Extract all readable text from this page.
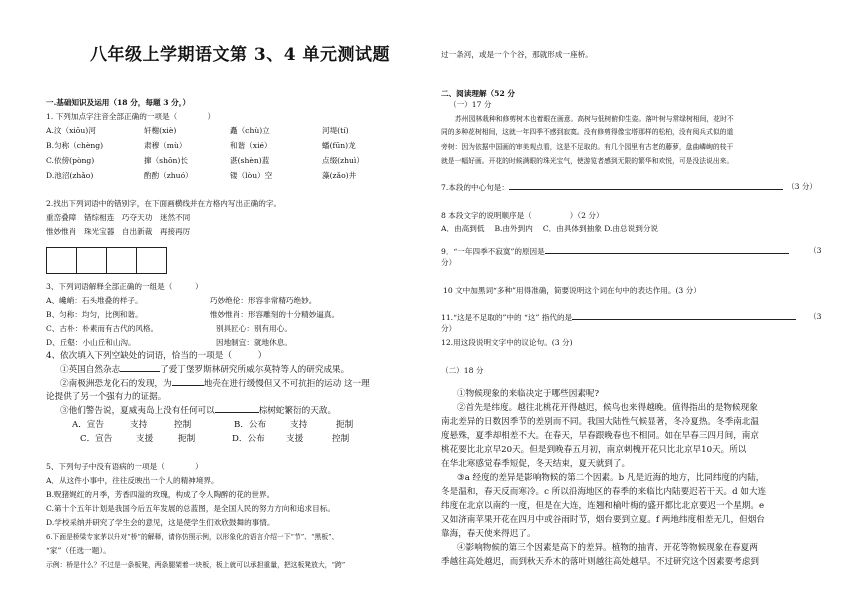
八年级上学期语文第 3、4 单元测试题
一.基础知识及运用（18 分，每题 3 分，）
1. 下列加点字注音全部正确的一项是（　　　　）
A.汶（xiōu)河	轩榭(xiè)	矗（chù)立	河堤(tí)
B.匀称（chèng)	肃穆（mù）	和谐（xié）	蟠(fūn)龙
C.依傍(pòng)	撺（shōn)长	湛(shèn)蓝	点缀(zhuì）
D.池沼(zhǎo)	酌酌（zhuó）	镂（lòu）空	藻(zǎo)井
2.找出下列词语中的错别字，在下面画横线并在方格内写出正确的字。
重峦叠障　错综相连　巧夺天功　迷然不同
惟妙惟肖　珠光宝器　自出新裁　再接再厉
3、下列词语解释全部正确的一组是（　　　）
A、巉峭：石头堆叠的样子。	巧妙绝伦：形容非常精巧绝妙。
B、匀称：均匀，比例和谐。	惟妙惟肖：形容雕刻的十分精妙逼真。
C、古朴：朴素而有古代的风格。	别具匠心：别有用心。
D、丘壑：小山丘和山沟。	因地制宜：就地休息。
4、依次填入下列空缺处的词语，恰当的一项是（　　　）
①英国自然杂志	了爱丁堡罗斯林研究所威尔莫特等人的研究成果。
②南极洲恐龙化石的发现，为	地壳在进行缓慢但又不可抗拒的运动 这一理
论提供了另一个强有力的证据。
③他们警告说，夏威夷岛上没有任何可以	棕树蛇繁衍的天敌。
A．宣告	支持	控制	B．公布	支持	扼制
C．宣告	支援	扼制	D．公布 支援	控制
5、下列句子中没有语病的一项是（　　　　）
A．从这件小事中，往往反映出一个人的精神境界。
B.贶猪娓红的月季，芳香四溢的玫瑰，构成了令人陶醉的花的世界。
C.第十个五年计划是我国今后五年发展的总蓝图，是全国人民的努力方向和追求目标。
D.学校采纳并研究了学生会的意见，这是使学生们欢欣鼓舞的事情。
6.下面是桥梁专家茅以升对“桥”的解释，请你仿照示例，以形象化的语言介绍一下“节”、“黑板”、
“家”（任选一题）。
示例：桥是什么？不过是一条板凳，两条腿架着一块板，板上就可以承担重量，把这板凳放大，“跨”
过一条河，或是一个个谷，那就形成一座桥。
二、阅读理解（52 分
（一）17 分
苏州园林栽种和修剪树木也着眼在画意。高树与低树俯仰生姿。落叶树与常绿树相间，花时不
同的多种花树相间，这就一年四季不感到寂寞。没有修剪得像宝塔那样的松柏，没有阅兵式似的道
旁树：因为依据中国画的审美观点看，这是不足取的。有几个园里有古老的藤萝，盘曲嶙峋的枝干
就是一幅好画。开花的时候满眼的珠光宝气，使游览者感到无限的繁华和欢悦，可是没法说出来。
7.本段的中心句是：	（3 分）
8 本段文字的说明顺序是（　　　　　）（2 分）
A．由高到低　 B.由外到内　 C．由具体到抽象 D.由总说到分说
9．“一年四季不寂寞”的原因是	（3
分）
10 文中加黑词“多种”用得准确，简要说明这个词在句中的表达作用。(3 分）
11.“这是不足取的”中的 “这” 指代的是	（3
分）
12.用这段说明文字中的议论句。(3 分)
（二）18 分
①物候现象的来临决定于哪些因素呢?
②首先是纬度。越往北桃花开得越迟，候鸟也来得越晚。值得指出的是物候现象
南北差异的日数因季节的差别而不同。我国大陆性气候显著，冬冷夏热。冬季南北温
度悬殊，夏季却相差不大。在春天，早春跟晚春也不相同。如在早春三四月间，南京
桃花要比北京早20天。但是到晚春五月初，南京刺槐开花只比北京早10天。所以
在华北寒感觉春季短促，冬天结束，夏天就到了。
③a 经度的差异是影响物候的第二个因素。b 凡是近海的地方，比同纬度的内陆，
冬是温和，春天反而寒冷。c 所以沿海地区的春季的来临比内陆要迟若干天。d 如大连
纬度在北京以南约一度，但是在大连，连翘和榆叶梅的盛开都比北京要迟一个星期。e
又如济南苹果开花在四月中或谷雨时节，烟台要到立夏。f 两地纬度相差无几，但烟台
靠海，春天使来得迟了。
④影响物候的第三个因素是高下的差异。植物的抽青、开花等物候现象在春夏两
季越往高处越迟，而到秋天乔木的落叶则越往高处越早。不过研究这个因素要考虑到
